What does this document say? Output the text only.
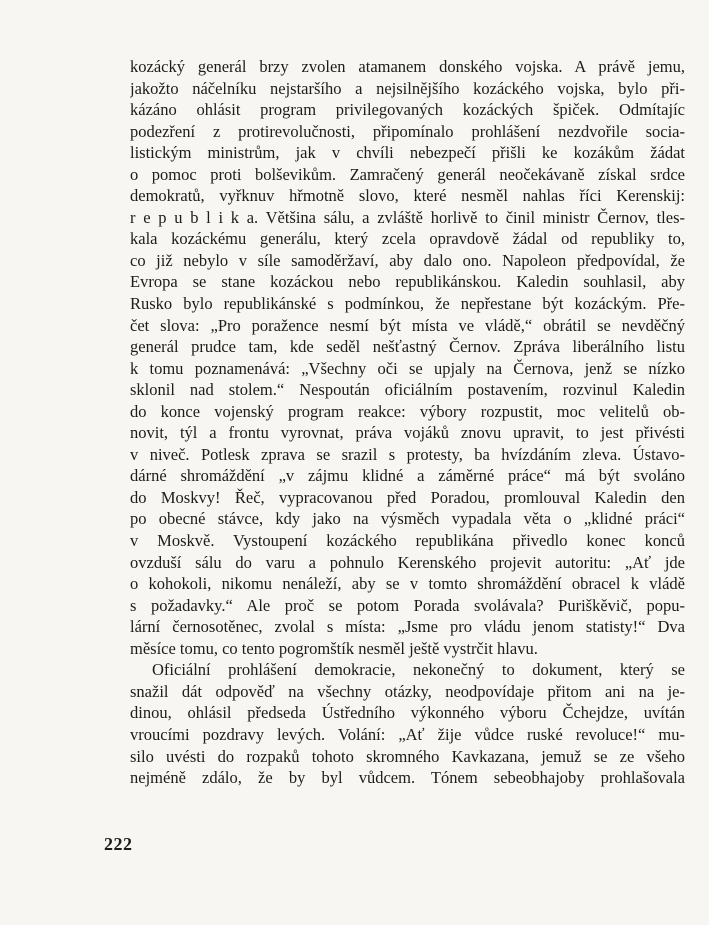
kozácký generál brzy zvolen atamanem donského vojska. A právě jemu,
jakožto náčelníku nejstaršího a nejsilnějšího kozáckého vojska, bylo při-
kázáno ohlásit program privilegovaných kozáckých špiček. Odmítajíc
podezření z protirevolučnosti, připomínalo prohlášení nezdvořile socia-
listickým ministrům, jak v chvíli nebezpečí přišli ke kozákům žádat
o pomoc proti bolševikům. Zamračený generál neočekávaně získal srdce
demokratů, vyřknuv hřmotně slovo, které nesměl nahlas říci Kerenskij:
r e p u b l i k a. Většina sálu, a zvláště horlivě to činil ministr Černov, tles-
kala kozáckému generálu, který zcela opravdově žádal od republiky to,
co již nebylo v síle samoděržaví, aby dalo ono. Napoleon předpovídal, že
Evropa se stane kozáckou nebo republikánskou. Kaledin souhlasil, aby
Rusko bylo republikánské s podmínkou, že nepřestane být kozáckým. Pře-
čet slova: „Pro poražence nesmí být místa ve vládě,“ obrátil se nevděčný
generál prudce tam, kde seděl nešťastný Černov. Zpráva liberálního listu
k tomu poznamenává: „Všechny oči se upjaly na Černova, jenž se nízko
sklonil nad stolem.“ Nespoután oficiálním postavením, rozvinul Kaledin
do konce vojenský program reakce: výbory rozpustit, moc velitelů ob-
novit, týl a frontu vyrovnat, práva vojáků znovu upravit, to jest přivésti
v niveč. Potlesk zprava se srazil s protesty, ba hvízdáním zleva. Ústavo-
dárné shromáždění „v zájmu klidné a záměrné práce“ má být svoláno
do Moskvy! Řeč, vypracovanou před Poradou, promlouval Kaledin den
po obecné stávce, kdy jako na výsměch vypadala věta o „klidné práci“
v Moskvě. Vystoupení kozáckého republikána přivedlo konec konců
ovzduší sálu do varu a pohnulo Kerenského projevit autoritu: „Ať jde
o kohokoli, nikomu nenáleží, aby se v tomto shromáždění obracel k vládě
s požadavky.“ Ale proč se potom Porada svolávala? Puriškěvič, popu-
lární černosotěnec, zvolal s místa: „Jsme pro vládu jenom statisty!“ Dva
měsíce tomu, co tento pogromštík nesměl ještě vystrčit hlavu.
Oficiální prohlášení demokracie, nekonečný to dokument, který se
snažil dát odpověď na všechny otázky, neodpovídaje přitom ani na je-
dinou, ohlásil předseda Ústředního výkonného výboru Čchejdze, uvítán
vroucími pozdravy levých. Volání: „Ať žije vůdce ruské revoluce!“ mu-
silo uvésti do rozpaků tohoto skromného Kavkazana, jemuž se ze všeho
nejméně zdálo, že by byl vůdcem. Tónem sebeobhajoby prohlašovala
222
